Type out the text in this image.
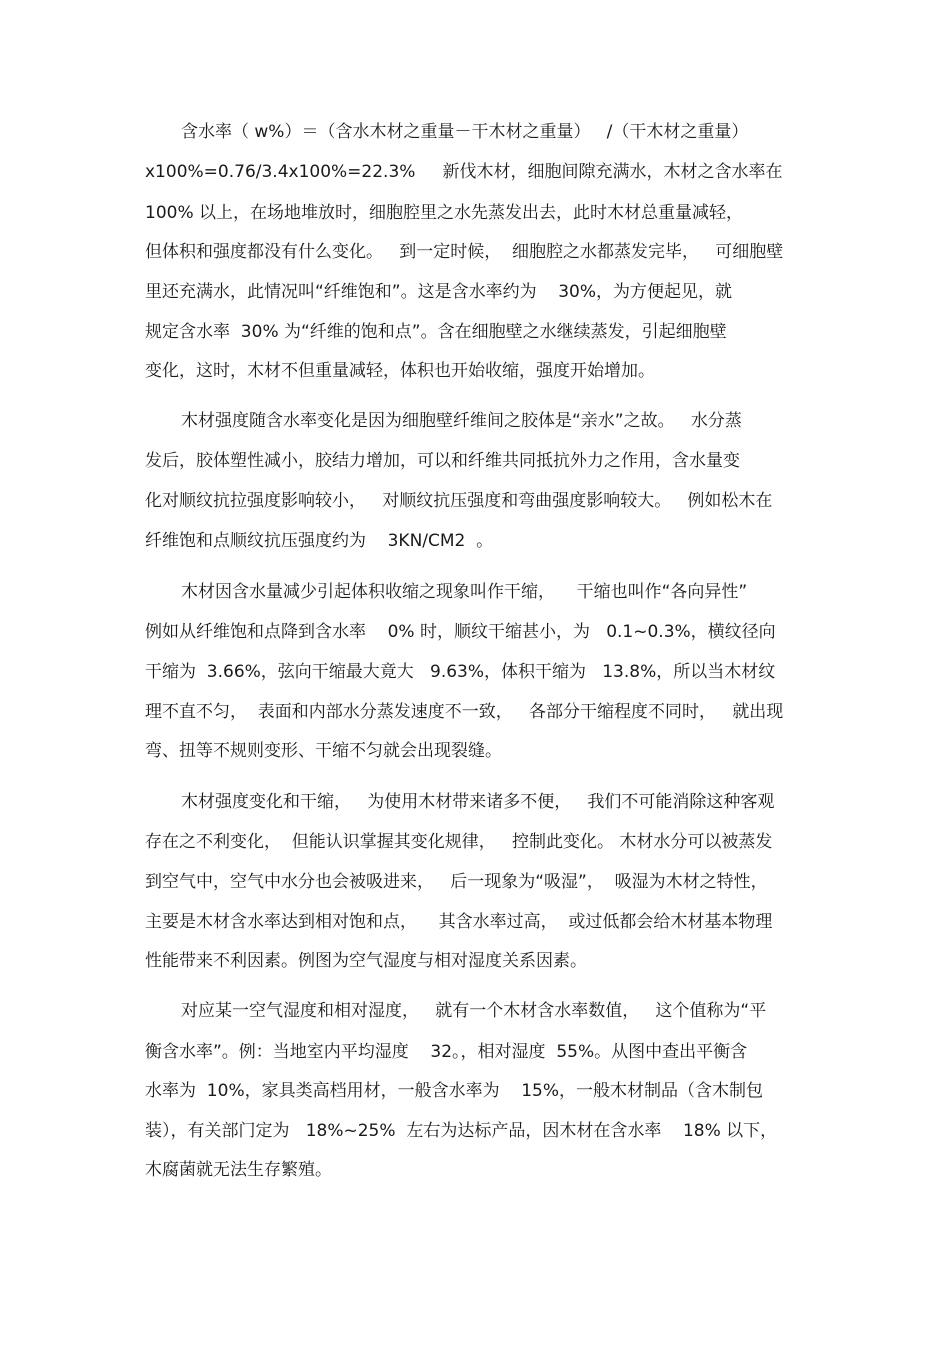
含水率（ w%）＝（含水木材之重量－干木材之重量）   /（干木材之重量）

x100%=0.76/3.4x100%=22.3%     新伐木材，细胞间隙充满水，木材之含水率在

100% 以上，在场地堆放时，细胞腔里之水先蒸发出去，此时木材总重量减轻，

但体积和强度都没有什么变化。   到一定时候，  细胞腔之水都蒸发完毕，   可细胞壁

里还充满水，此情况叫“纤维饱和”。这是含水率约为    30%，为方便起见，就

规定含水率  30% 为“纤维的饱和点”。含在细胞壁之水继续蒸发，引起细胞壁

变化，这时，木材不但重量减轻，体积也开始收缩，强度开始增加。

木材强度随含水率变化是因为细胞壁纤维间之胶体是“亲水”之故。   水分蒸

发后，胶体塑性减小，胶结力增加，可以和纤维共同抵抗外力之作用，含水量变

化对顺纹抗拉强度影响较小，   对顺纹抗压强度和弯曲强度影响较大。   例如松木在

纤维饱和点顺纹抗压强度约为    3KN/CM2  。

木材因含水量减少引起体积收缩之现象叫作干缩，    干缩也叫作“各向异性”

例如从纤维饱和点降到含水率    0% 时，顺纹干缩甚小，为   0.1~0.3%，横纹径向

干缩为  3.66%，弦向干缩最大竟大   9.63%，体积干缩为   13.8%，所以当木材纹

理不直不匀，  表面和内部水分蒸发速度不一致，   各部分干缩程度不同时，   就出现

弯、扭等不规则变形、干缩不匀就会出现裂缝。

木材强度变化和干缩，   为使用木材带来诸多不便，   我们不可能消除这种客观

存在之不利变化，  但能认识掌握其变化规律，   控制此变化。 木材水分可以被蒸发

到空气中，空气中水分也会被吸进来，   后一现象为“吸湿”，  吸湿为木材之特性，

主要是木材含水率达到相对饱和点，    其含水率过高，  或过低都会给木材基本物理

性能带来不利因素。例图为空气湿度与相对湿度关系因素。

对应某一空气湿度和相对湿度，   就有一个木材含水率数值，   这个值称为“平

衡含水率”。例：当地室内平均湿度    32。，相对湿度  55%。从图中查出平衡含

水率为  10%，家具类高档用材，一般含水率为    15%，一般木材制品（含木制包

装），有关部门定为   18%~25%  左右为达标产品，因木材在含水率    18% 以下，

木腐菌就无法生存繁殖。
